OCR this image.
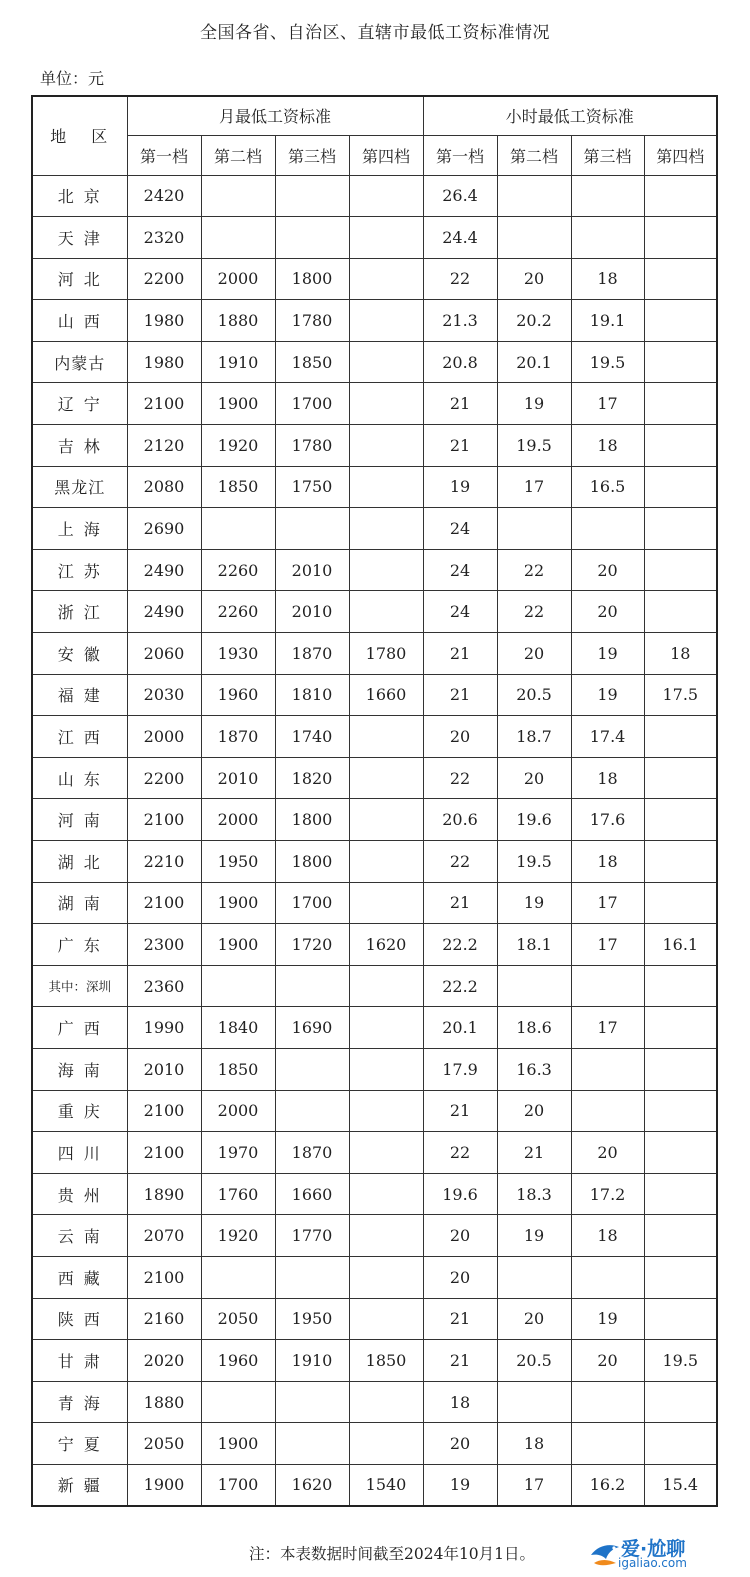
全国各省、自治区、直辖市最低工资标准情况
单位：元
地 区	月最低工资标准				小时最低工资标准			
	第一档	第二档	第三档	第四档	第一档	第二档	第三档	第四档
北京	2420				26.4			
天津	2320				24.4			
河北	2200	2000	1800		22	20	18	
山西	1980	1880	1780		21.3	20.2	19.1	
内蒙古	1980	1910	1850		20.8	20.1	19.5	
辽宁	2100	1900	1700		21	19	17	
吉林	2120	1920	1780		21	19.5	18	
黑龙江	2080	1850	1750		19	17	16.5	
上海	2690				24			
江苏	2490	2260	2010		24	22	20	
浙江	2490	2260	2010		24	22	20	
安徽	2060	1930	1870	1780	21	20	19	18
福建	2030	1960	1810	1660	21	20.5	19	17.5
江西	2000	1870	1740		20	18.7	17.4	
山东	2200	2010	1820		22	20	18	
河南	2100	2000	1800		20.6	19.6	17.6	
湖北	2210	1950	1800		22	19.5	18	
湖南	2100	1900	1700		21	19	17	
广东	2300	1900	1720	1620	22.2	18.1	17	16.1
其中：深圳	2360				22.2			
广西	1990	1840	1690		20.1	18.6	17	
海南	2010	1850			17.9	16.3		
重庆	2100	2000			21	20		
四川	2100	1970	1870		22	21	20	
贵州	1890	1760	1660		19.6	18.3	17.2	
云南	2070	1920	1770		20	19	18	
西藏	2100				20			
陕西	2160	2050	1950		21	20	19	
甘肃	2020	1960	1910	1850	21	20.5	20	19.5
青海	1880				18			
宁夏	2050	1900			20	18		
新疆	1900	1700	1620	1540	19	17	16.2	15.4
注：本表数据时间截至2024年10月1日。	爱·尬聊
igaliao.com
